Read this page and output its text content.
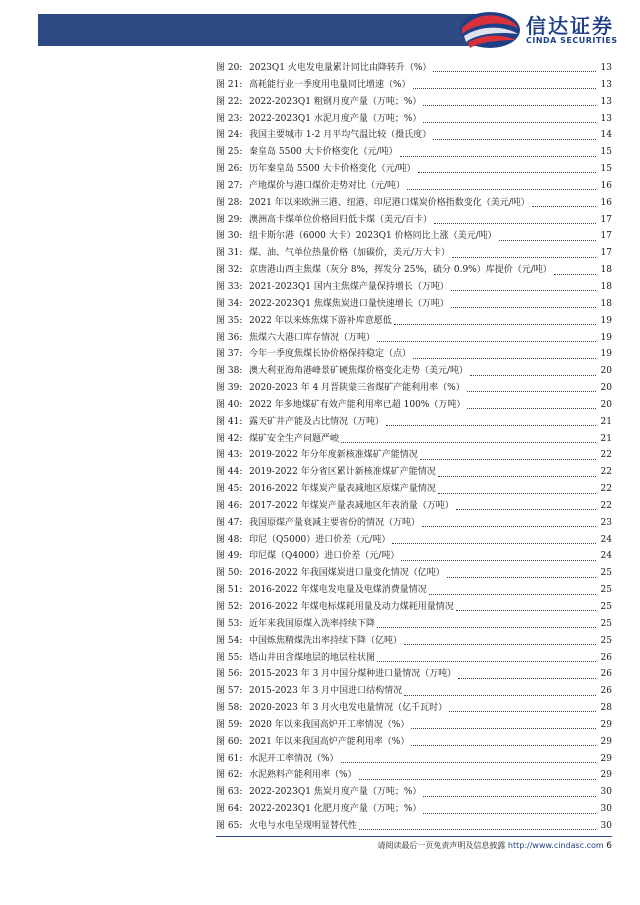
信达证券
CINDA SECURITIES
图 20: 2023Q1 火电发电量累计同比由降转升（%）	13
图 21: 高耗能行业一季度用电量同比增速（%）	13
图 22: 2022-2023Q1 粗钢月度产量（万吨；%）	13
图 23: 2022-2023Q1 水泥月度产量（万吨；%）	13
图 24: 我国主要城市 1-2 月平均气温比较（摄氏度）	14
图 25: 秦皇岛 5500 大卡价格变化（元/吨）	15
图 26: 历年秦皇岛 5500 大卡价格变化（元/吨）	15
图 27: 产地煤价与港口煤价走势对比（元/吨）	16
图 28: 2021 年以来欧洲三港、纽港、印尼港口煤炭价格指数变化（美元/吨）	16
图 29: 澳洲高卡煤单位价格回归低卡煤（美元/百卡）	17
图 30: 纽卡斯尔港（6000 大卡）2023Q1 价格同比上涨（美元/吨）	17
图 31: 煤、油、气单位热量价格（加碳价，美元/万大卡）	17
图 32: 京唐港山西主焦煤（灰分 8%，挥发分 25%，硫分 0.9%）库提价（元/吨）	18
图 33: 2021-2023Q1 国内主焦煤产量保持增长（万吨）	18
图 34: 2022-2023Q1 焦煤焦炭进口量快速增长（万吨）	18
图 35: 2022 年以来炼焦煤下游补库意愿低	19
图 36: 焦煤六大港口库存情况（万吨）	19
图 37: 今年一季度焦煤长协价格保持稳定（点）	19
图 38: 澳大利亚海角港峰景矿硬焦煤价格变化走势（美元/吨）	20
图 39: 2020-2023 年 4 月晋陕蒙三省煤矿产能利用率（%）	20
图 40: 2022 年多地煤矿有效产能利用率已超 100%（万吨）	20
图 41: 露天矿井产能及占比情况（万吨）	21
图 42: 煤矿安全生产问题严峻	21
图 43: 2019-2022 年分年度新核准煤矿产能情况	22
图 44: 2019-2022 年分省区累计新核准煤矿产能情况	22
图 45: 2016-2022 年煤炭产量表减地区原煤产量情况	22
图 46: 2017-2022 年煤炭产量表减地区年表消量（万吨）	22
图 47: 我国原煤产量衰减主要省份的情况（万吨）	23
图 48: 印尼（Q5000）进口价差（元/吨）	24
图 49: 印尼煤（Q4000）进口价差（元/吨）	24
图 50: 2016-2022 年我国煤炭进口量变化情况（亿吨）	25
图 51: 2016-2022 年煤电发电量及电煤消费量情况	25
图 52: 2016-2022 年煤电标煤耗用量及动力煤耗用量情况	25
图 53: 近年来我国原煤入洗率持续下降	25
图 54: 中国炼焦精煤洗出率持续下降（亿吨）	25
图 55: 塔山井田含煤地层的地层柱状图	26
图 56: 2015-2023 年 3 月中国分煤种进口量情况（万吨）	26
图 57: 2015-2023 年 3 月中国进口结构情况	26
图 58: 2020-2023 年 3 月火电发电量情况（亿千瓦时）	28
图 59: 2020 年以来我国高炉开工率情况（%）	29
图 60: 2021 年以来我国高炉产能利用率（%）	29
图 61: 水泥开工率情况（%）	29
图 62: 水泥熟料产能利用率（%）	29
图 63: 2022-2023Q1 焦炭月度产量（万吨；%）	30
图 64: 2022-2023Q1 化肥月度产量（万吨；%）	30
图 65: 火电与水电呈现明显替代性	30
请阅读最后一页免责声明及信息披露 http://www.cindasc.com 6
